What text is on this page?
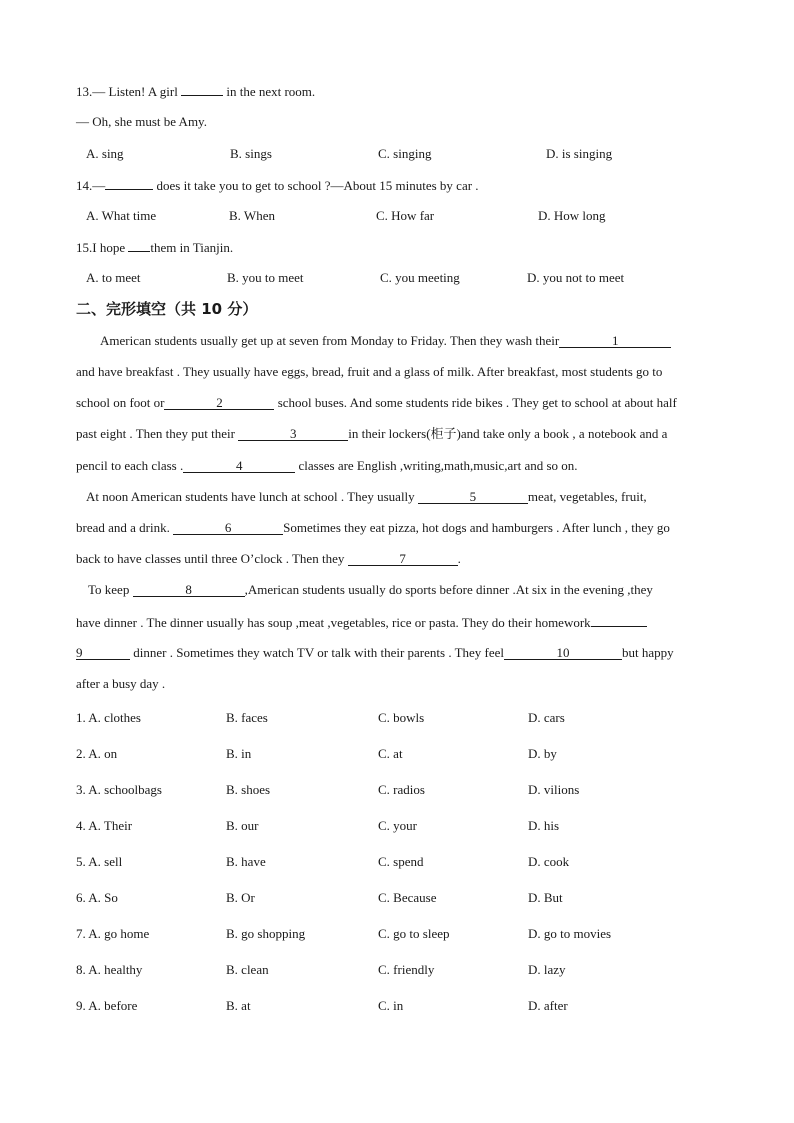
13.— Listen! A girl	in the next room.
— Oh, she must be Amy.
A. sing	B. sings	C. singing	D. is singing
14.—	does it take you to get to school ?—About 15 minutes by car .
A. What time	B. When	C. How far	D. How long
15.I hope them in Tianjin.
A. to meet	B. you to meet	C. you meeting	D. you not to meet
二、完形填空（共 10 分）
American students usually get up at seven from Monday to Friday. Then they wash their	1
and have breakfast . They usually have eggs, bread, fruit and a glass of milk. After breakfast, most students go to
school on foot or	2	school buses. And some students ride bikes . They get to school at about half
past eight . Then they put their	3	in their lockers(柜子)and take only a book , a notebook and a
pencil to each class .	4	classes are English ,writing,math,music,art and so on.
At noon American students have lunch at school . They usually	5	meat, vegetables, fruit,
bread and a drink.	6	Sometimes they eat pizza, hot dogs and hamburgers . After lunch , they go
back to have classes until three O’clock . Then they	7	.
To keep	8	,American students usually do sports before dinner .At six in the evening ,they
have dinner . The dinner usually has soup ,meat ,vegetables, rice or pasta. They do their homework
9	dinner . Sometimes they watch TV or talk with their parents . They feel	10	but happy
after a busy day .
1. A. clothes	B. faces	C. bowls	D. cars
2. A. on	B. in	C. at	D. by
3. A. schoolbags	B. shoes	C. radios	D. vilions
4. A. Their	B. our	C. your	D. his
5. A. sell	B. have	C. spend	D. cook
6. A. So	B. Or	C. Because	D. But
7. A. go home	B. go shopping	C. go to sleep	D. go to movies
8. A. healthy	B. clean	C. friendly	D. lazy
9. A. before	B. at	C. in	D. after
